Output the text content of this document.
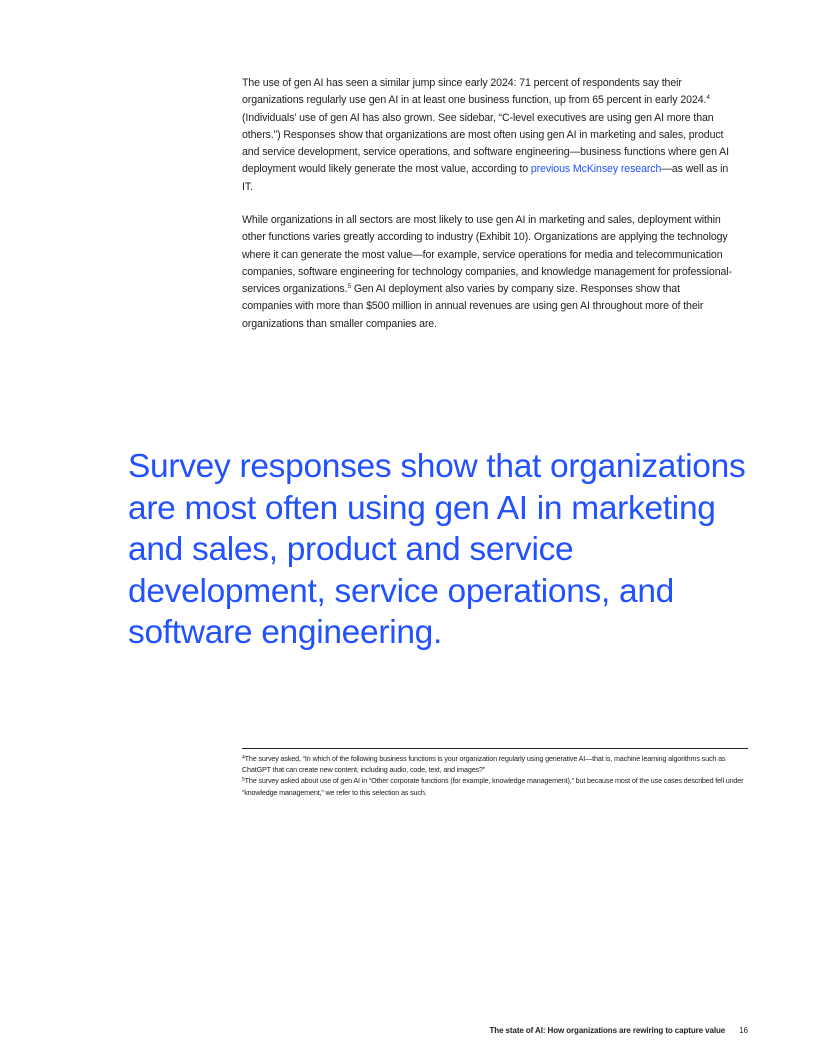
The use of gen AI has seen a similar jump since early 2024: 71 percent of respondents say their organizations regularly use gen AI in at least one business function, up from 65 percent in early 2024.$^4$ (Individuals’ use of gen AI has also grown. See sidebar, “C-level executives are using gen AI more than others.”) Responses show that organizations are most often using gen AI in marketing and sales, product and service development, service operations, and software engineering—business functions where gen AI deployment would likely generate the most value, according to previous McKinsey research—as well as in IT.

While organizations in all sectors are most likely to use gen AI in marketing and sales, deployment within other functions varies greatly according to industry (Exhibit 10). Organizations are applying the technology where it can generate the most value—for example, service operations for media and telecommunication companies, software engineering for technology companies, and knowledge management for professional-services organizations.$^5$ Gen AI deployment also varies by company size. Responses show that companies with more than $500 million in annual revenues are using gen AI throughout more of their organizations than smaller companies are.

Survey responses show that organizations are most often using gen AI in marketing and sales, product and service development, service operations, and software engineering.

$^4$The survey asked, “In which of the following business functions is your organization regularly using generative AI—that is, machine learning algorithms such as ChatGPT that can create new content, including audio, code, text, and images?”

$^5$The survey asked about use of gen AI in “Other corporate functions (for example, knowledge management),” but because most of the use cases described fell under “knowledge management,” we refer to this selection as such.

The state of AI: How organizations are rewiring to capture value 16
